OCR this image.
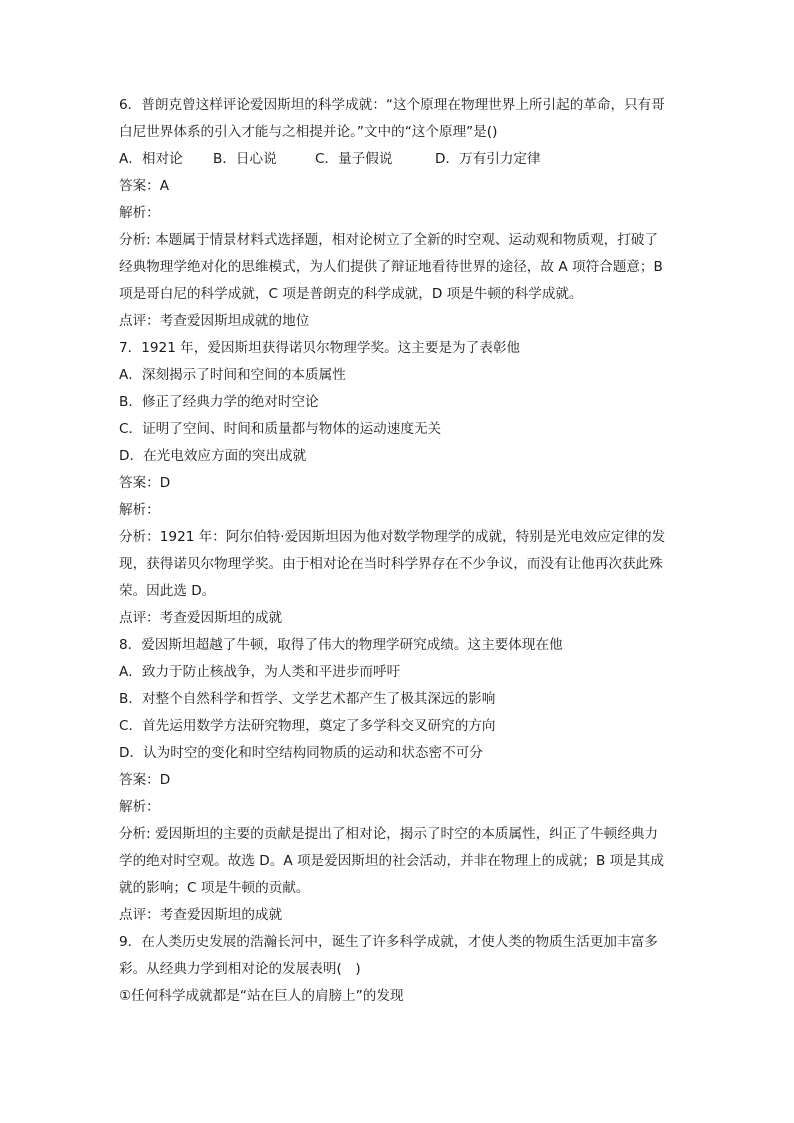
6．普朗克曾这样评论爱因斯坦的科学成就：“这个原理在物理世界上所引起的革命，只有哥

白尼世界体系的引入才能与之相提并论。”文中的“这个原理”是()

A．相对论 B．日心说	C．量子假说	D．万有引力定律

答案：A

解析：

分析: 本题属于情景材料式选择题，相对论树立了全新的时空观、运动观和物质观，打破了

经典物理学绝对化的思维模式，为人们提供了辩证地看待世界的途径，故 A 项符合题意；B

项是哥白尼的科学成就，C 项是普朗克的科学成就，D 项是牛顿的科学成就。

点评：考查爱因斯坦成就的地位

7．1921 年，爱因斯坦获得诺贝尔物理学奖。这主要是为了表彰他

A．深刻揭示了时间和空间的本质属性

B．修正了经典力学的绝对时空论

C．证明了空间、时间和质量都与物体的运动速度无关

D．在光电效应方面的突出成就

答案：D

解析：

分析：1921 年：阿尔伯特·爱因斯坦因为他对数学物理学的成就，特别是光电效应定律的发

现，获得诺贝尔物理学奖。由于相对论在当时科学界存在不少争议，而没有让他再次获此殊

荣。因此选 D。

点评：考查爱因斯坦的成就

8．爱因斯坦超越了牛顿，取得了伟大的物理学研究成绩。这主要体现在他

A．致力于防止核战争，为人类和平进步而呼吁

B．对整个自然科学和哲学、文学艺术都产生了极其深远的影响

C．首先运用数学方法研究物理，奠定了多学科交叉研究的方向

D．认为时空的变化和时空结构同物质的运动和状态密不可分

答案：D

解析：

分析: 爱因斯坦的主要的贡献是提出了相对论，揭示了时空的本质属性，纠正了牛顿经典力

学的绝对时空观。故选 D。A 项是爱因斯坦的社会活动，并非在物理上的成就；B 项是其成

就的影响；C 项是牛顿的贡献。

点评：考查爱因斯坦的成就

9．在人类历史发展的浩瀚长河中，诞生了许多科学成就，才使人类的物质生活更加丰富多

彩。从经典力学到相对论的发展表明(　)

①任何科学成就都是“站在巨人的肩膀上”的发现
